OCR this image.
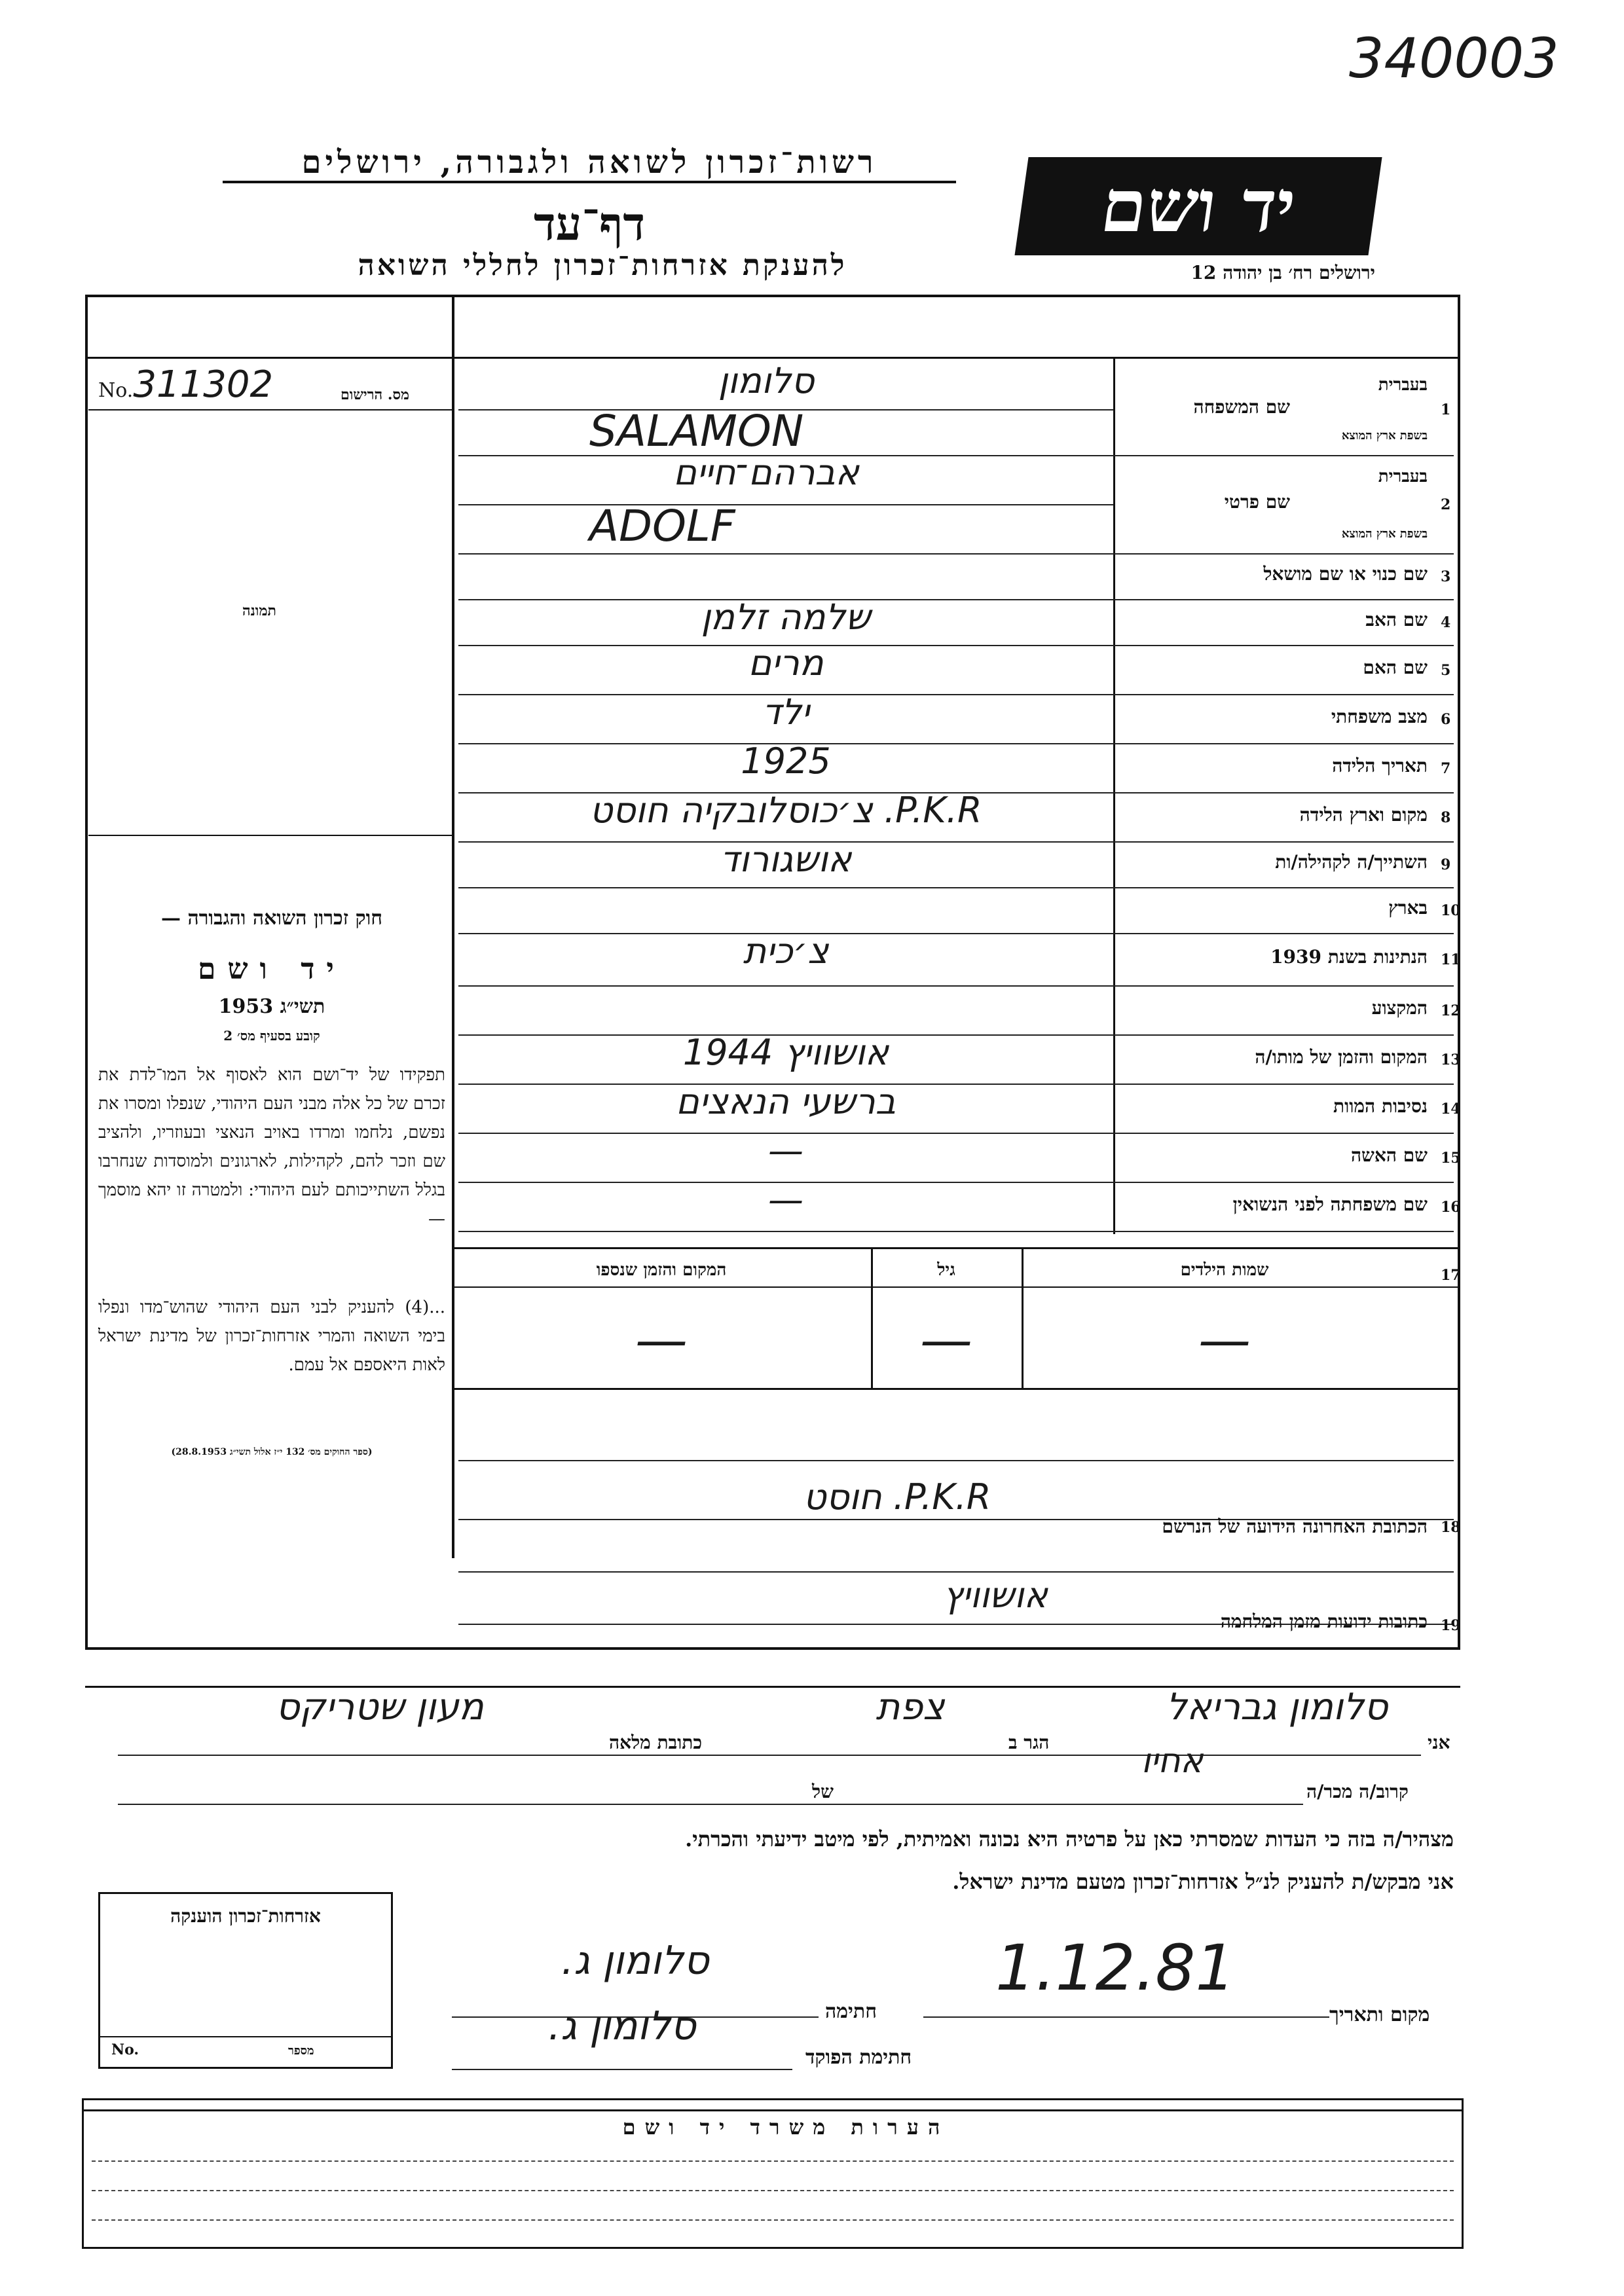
340003
רשות־זכרון לשואה ולגבורה, ירושלים
דף־עד
להענקת אזרחות־זכרון לחללי השואה
יד ושם
ירושלים רח׳ בן יהודה 12
No.311302	מס. הרישום
תמונה
חוק זכרון השואה והגבורה —
יד ושם
תשי״ג 1953
קובע בסעיף מס׳ 2
תפקידו של יד־ושם הוא לאסוף אל המו־לדת את זכרם של כל אלה מבני העם היהודי, שנפלו ומסרו את נפשם, נלחמו ומרדו באויב הנאצי ובעוזריו, ולהציב שם וזכר להם, לקהילות, לארגונים ולמוסדות שנחרבו בגלל השתייכותם לעם היהודי: ולמטרה זו יהא מוסמך —
...(4) להעניק לבני העם היהודי שהוש־מדו ונפלו בימי השואה והמרי אזרחות־זכרון של מדינת ישראל לאות היאספם אל עמם.
(ספר החוקים מס׳ 132 י״ז אלול תשי״ג 28.8.1953)
1
שם המשפחה
בעברית
בשפת ארץ המוצא
סלומון
SALAMON
2
שם פרטי
בעברית
בשפת ארץ המוצא
אברהם־חיים
ADOLF
3
שם כנוי או שם מושאל
4
שם האב
שלמה זלמן
5
שם האם
מרים
6
מצב משפחתי
ילד
7
תאריך הלידה
1925
8
מקום וארץ הלידה
P.K.R. צ׳כוסלובקיה חוסט
9
השתייך/ה לקהילה/ות
אושגורוד
10
בארץ
11
הנתינות בשנת 1939
צ׳כית
12
המקצוע
13
המקום והזמן של מותו/ה
אושוויץ 1944
14
נסיבות המוות
ברשעי הנאצים
15
שם האשה
—
16
שם משפחתה לפני הנשואין
—
17
שמות הילדים
גיל
המקום והזמן שנספו
—
—
—
18
הכתובת האחרונה הידועה של הנרשם
P.K.R. חוסט
19
כתובות ידועות מזמן המלחמה
אושוויץ
אני
סלומון גבריאל
הגר ב
צפת
כתובת מלאה
מעון שטריקס
קרוב/ה מכר/ה
אחיו
של
מצהיר/ה בזה כי העדות שמסרתי כאן על פרטיה היא נכונה ואמיתית, לפי מיטב ידיעתי והכרתי.
אני מבקש/ת להעניק לנ״ל אזרחות־זכרון מטעם מדינת ישראל.
אזרחות־זכרון הוענקה
No.	מספר
מקום ותאריך
1.12.81
חתימה
סלומון ג.
חתימת הפוקד
סלומון ג.
הערות משרד יד ושם
